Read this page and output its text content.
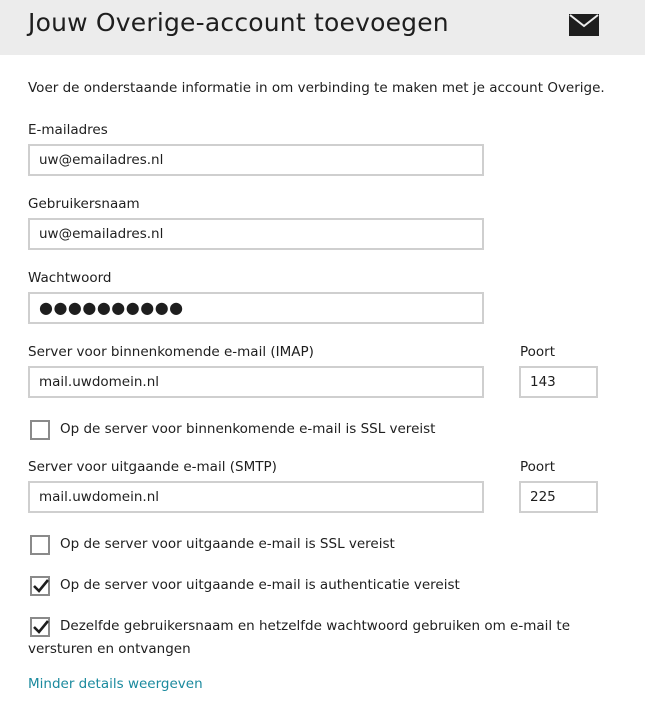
Jouw Overige-account toevoegen
Voer de onderstaande informatie in om verbinding te maken met je account Overige.
E-mailadres
uw@emailadres.nl
Gebruikersnaam
uw@emailadres.nl
Wachtwoord
●●●●●●●●●●
Server voor binnenkomende e-mail (IMAP)	Poort
mail.uwdomein.nl	143
Op de server voor binnenkomende e-mail is SSL vereist
Server voor uitgaande e-mail (SMTP)	Poort
mail.uwdomein.nl	225
Op de server voor uitgaande e-mail is SSL vereist
Op de server voor uitgaande e-mail is authenticatie vereist
Dezelfde gebruikersnaam en hetzelfde wachtwoord gebruiken om e-mail te versturen en ontvangen
Minder details weergeven
